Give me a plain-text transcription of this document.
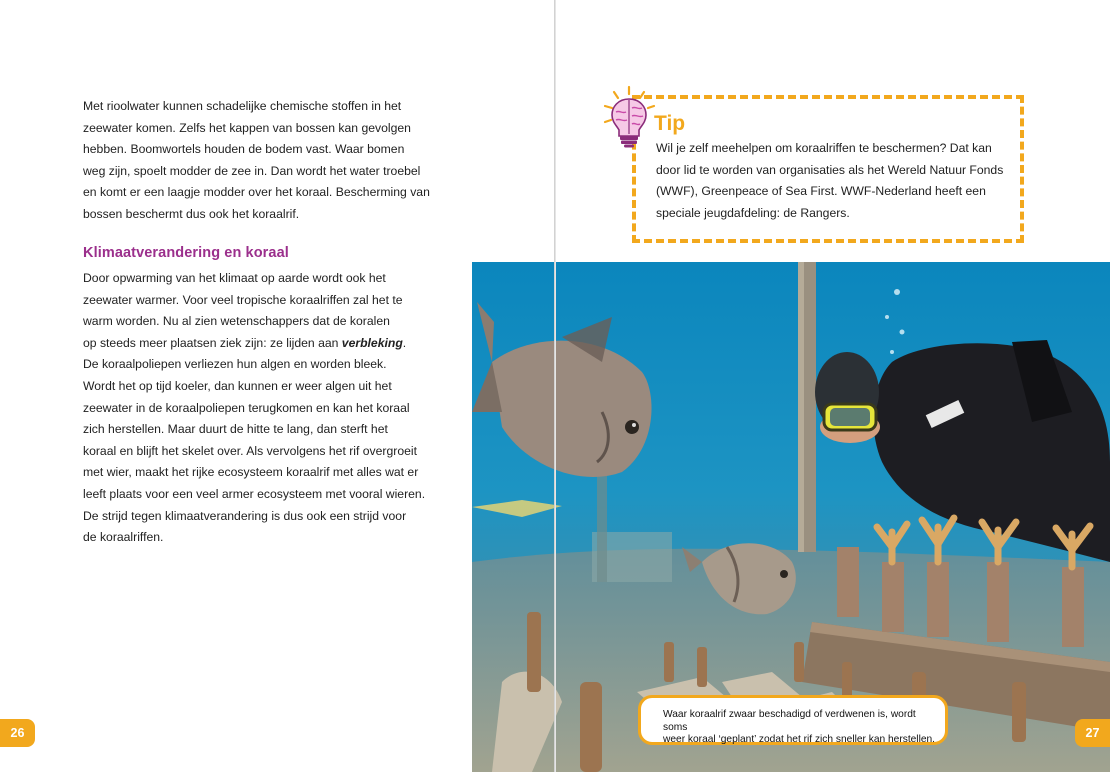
Met rioolwater kunnen schadelijke chemische stoffen in het

zeewater komen. Zelfs het kappen van bossen kan gevolgen

hebben. Boomwortels houden de bodem vast. Waar bomen

weg zijn, spoelt modder de zee in. Dan wordt het water troebel

en komt er een laagje modder over het koraal. Bescherming van

bossen beschermt dus ook het koraalrif.

Klimaatverandering en koraal

Door opwarming van het klimaat op aarde wordt ook het

zeewater warmer. Voor veel tropische koraalriffen zal het te

warm worden. Nu al zien wetenschappers dat de koralen

op steeds meer plaatsen ziek zijn: ze lijden aan verbleking.

De koraalpoliepen verliezen hun algen en worden bleek.

Wordt het op tijd koeler, dan kunnen er weer algen uit het

zeewater in de koraalpoliepen terugkomen en kan het koraal

zich herstellen. Maar duurt de hitte te lang, dan sterft het

koraal en blijft het skelet over. Als vervolgens het rif overgroeit

met wier, maakt het rijke ecosysteem koraalrif met alles wat er

leeft plaats voor een veel armer ecosysteem met vooral wieren.

De strijd tegen klimaatverandering is dus ook een strijd voor

de koraalriffen.

26
Tip
Wil je zelf meehelpen om koraalriffen te beschermen? Dat kan
door lid te worden van organisaties als het Wereld Natuur Fonds
(WWF), Greenpeace of Sea First. WWF-Nederland heeft een
speciale jeugdafdeling: de Rangers.
Waar koraalrif zwaar beschadigd of verdwenen is, wordt soms
weer koraal ‘geplant’ zodat het rif zich sneller kan herstellen.	27
